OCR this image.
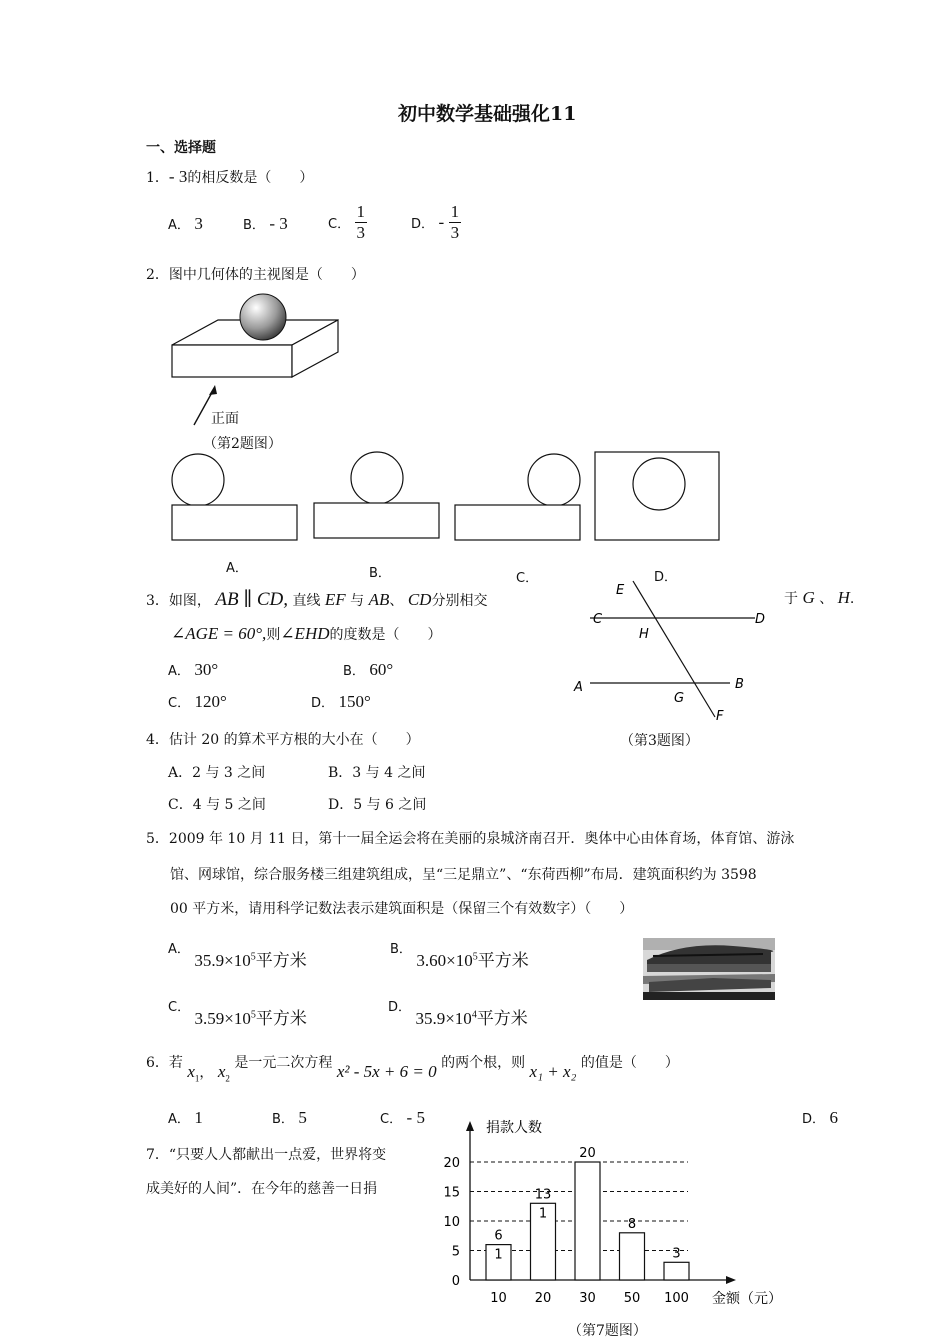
初中数学基础强化11
一、选择题
1．- 3的相反数是（　　）
A． 3	B． - 3	C． $\frac{1}{3}$	D． - $\frac{1}{3}$
2．图中几何体的主视图是（　　）
正面
（第2题图）
A．	B．	C．	D．
3．如图， AB ∥ CD, 直线 EF 与 AB、 CD分别相交	于 G 、 H.
∠AGE = 60°,则∠EHD的度数是（　　）
A． 30°	B． 60°
C． 120°	D． 150°
E
C	D
H
A
G
B
F
（第3题图）
4．估计 20 的算术平方根的大小在（　　）
A．2 与 3 之间	B．3 与 4 之间
C．4 与 5 之间	D．5 与 6 之间
5．2009 年 10 月 11 日，第十一届全运会将在美丽的泉城济南召开．奥体中心由体育场，体育馆、游泳
馆、网球馆，综合服务楼三组建筑组成，呈“三足鼎立”、“东荷西柳”布局．建筑面积约为 3598
00 平方米，请用科学记数法表示建筑面积是（保留三个有效数字）（　　）
A． $35.9\times 10^5$平方米
B． $3.60\times 10^5$平方米
C． $3.59\times 10^5$平方米
D． $35.9\times 10^4$平方米
6．若 $x_1$， $x_2$ 是一元二次方程 x² - 5x + 6 = 0 的两个根，则 x₁ + x₂ 的值是（　　）
A． 1	B． 5	C． - 5	D． 6
7．“只要人人都献出一点爱，世界将变
成美好的人间”．在今年的慈善一日捐
捐款人数
金额（元）
0
5
10
15
20
6
1
10
13
1
20
20
30
8
50
3
100
（第7题图）
